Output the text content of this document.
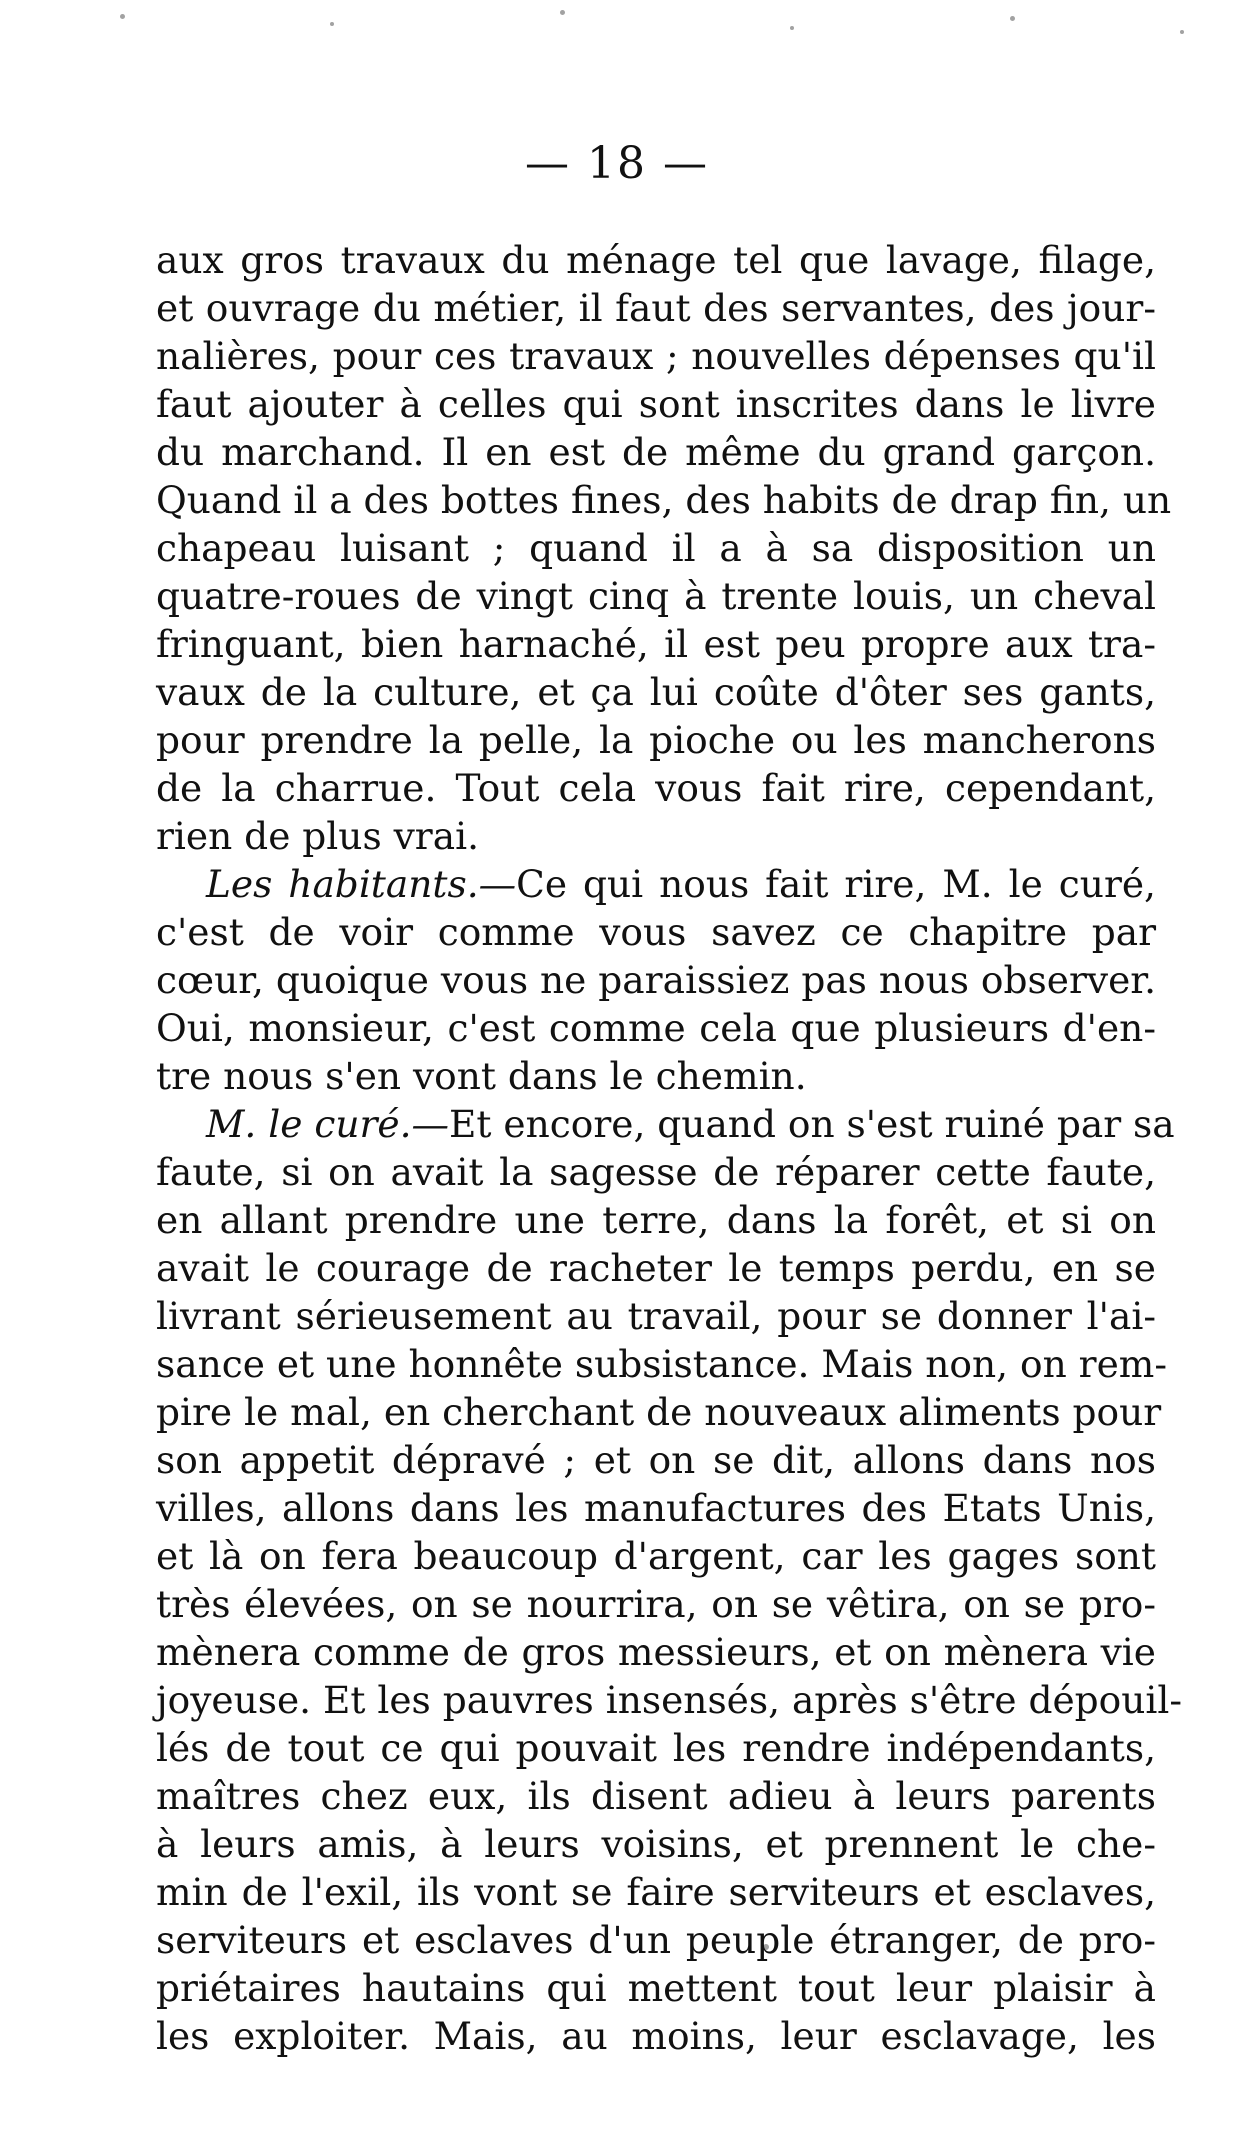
— 18 —
aux gros travaux du ménage tel que lavage, filage,
et ouvrage du métier, il faut des servantes, des jour-
nalières, pour ces travaux ; nouvelles dépenses qu'il
faut ajouter à celles qui sont inscrites dans le livre
du marchand. Il en est de même du grand garçon.
Quand il a des bottes fines, des habits de drap fin, un
chapeau luisant ; quand il a à sa disposition un
quatre-roues de vingt cinq à trente louis, un cheval
fringuant, bien harnaché, il est peu propre aux tra-
vaux de la culture, et ça lui coûte d'ôter ses gants,
pour prendre la pelle, la pioche ou les mancherons
de la charrue. Tout cela vous fait rire, cependant,
rien de plus vrai.
Les habitants.—Ce qui nous fait rire, M. le curé,
c'est de voir comme vous savez ce chapitre par
cœur, quoique vous ne paraissiez pas nous observer.
Oui, monsieur, c'est comme cela que plusieurs d'en-
tre nous s'en vont dans le chemin.
M. le curé.—Et encore, quand on s'est ruiné par sa
faute, si on avait la sagesse de réparer cette faute,
en allant prendre une terre, dans la forêt, et si on
avait le courage de racheter le temps perdu, en se
livrant sérieusement au travail, pour se donner l'ai-
sance et une honnête subsistance. Mais non, on rem-
pire le mal, en cherchant de nouveaux aliments pour
son appetit dépravé ; et on se dit, allons dans nos
villes, allons dans les manufactures des Etats Unis,
et là on fera beaucoup d'argent, car les gages sont
très élevées, on se nourrira, on se vêtira, on se pro-
mènera comme de gros messieurs, et on mènera vie
joyeuse. Et les pauvres insensés, après s'être dépouil-
lés de tout ce qui pouvait les rendre indépendants,
maîtres chez eux, ils disent adieu à leurs parents
à leurs amis, à leurs voisins, et prennent le che-
min de l'exil, ils vont se faire serviteurs et esclaves,
serviteurs et esclaves d'un peuple étranger, de pro-
priétaires hautains qui mettent tout leur plaisir à
les exploiter. Mais, au moins, leur esclavage, les
